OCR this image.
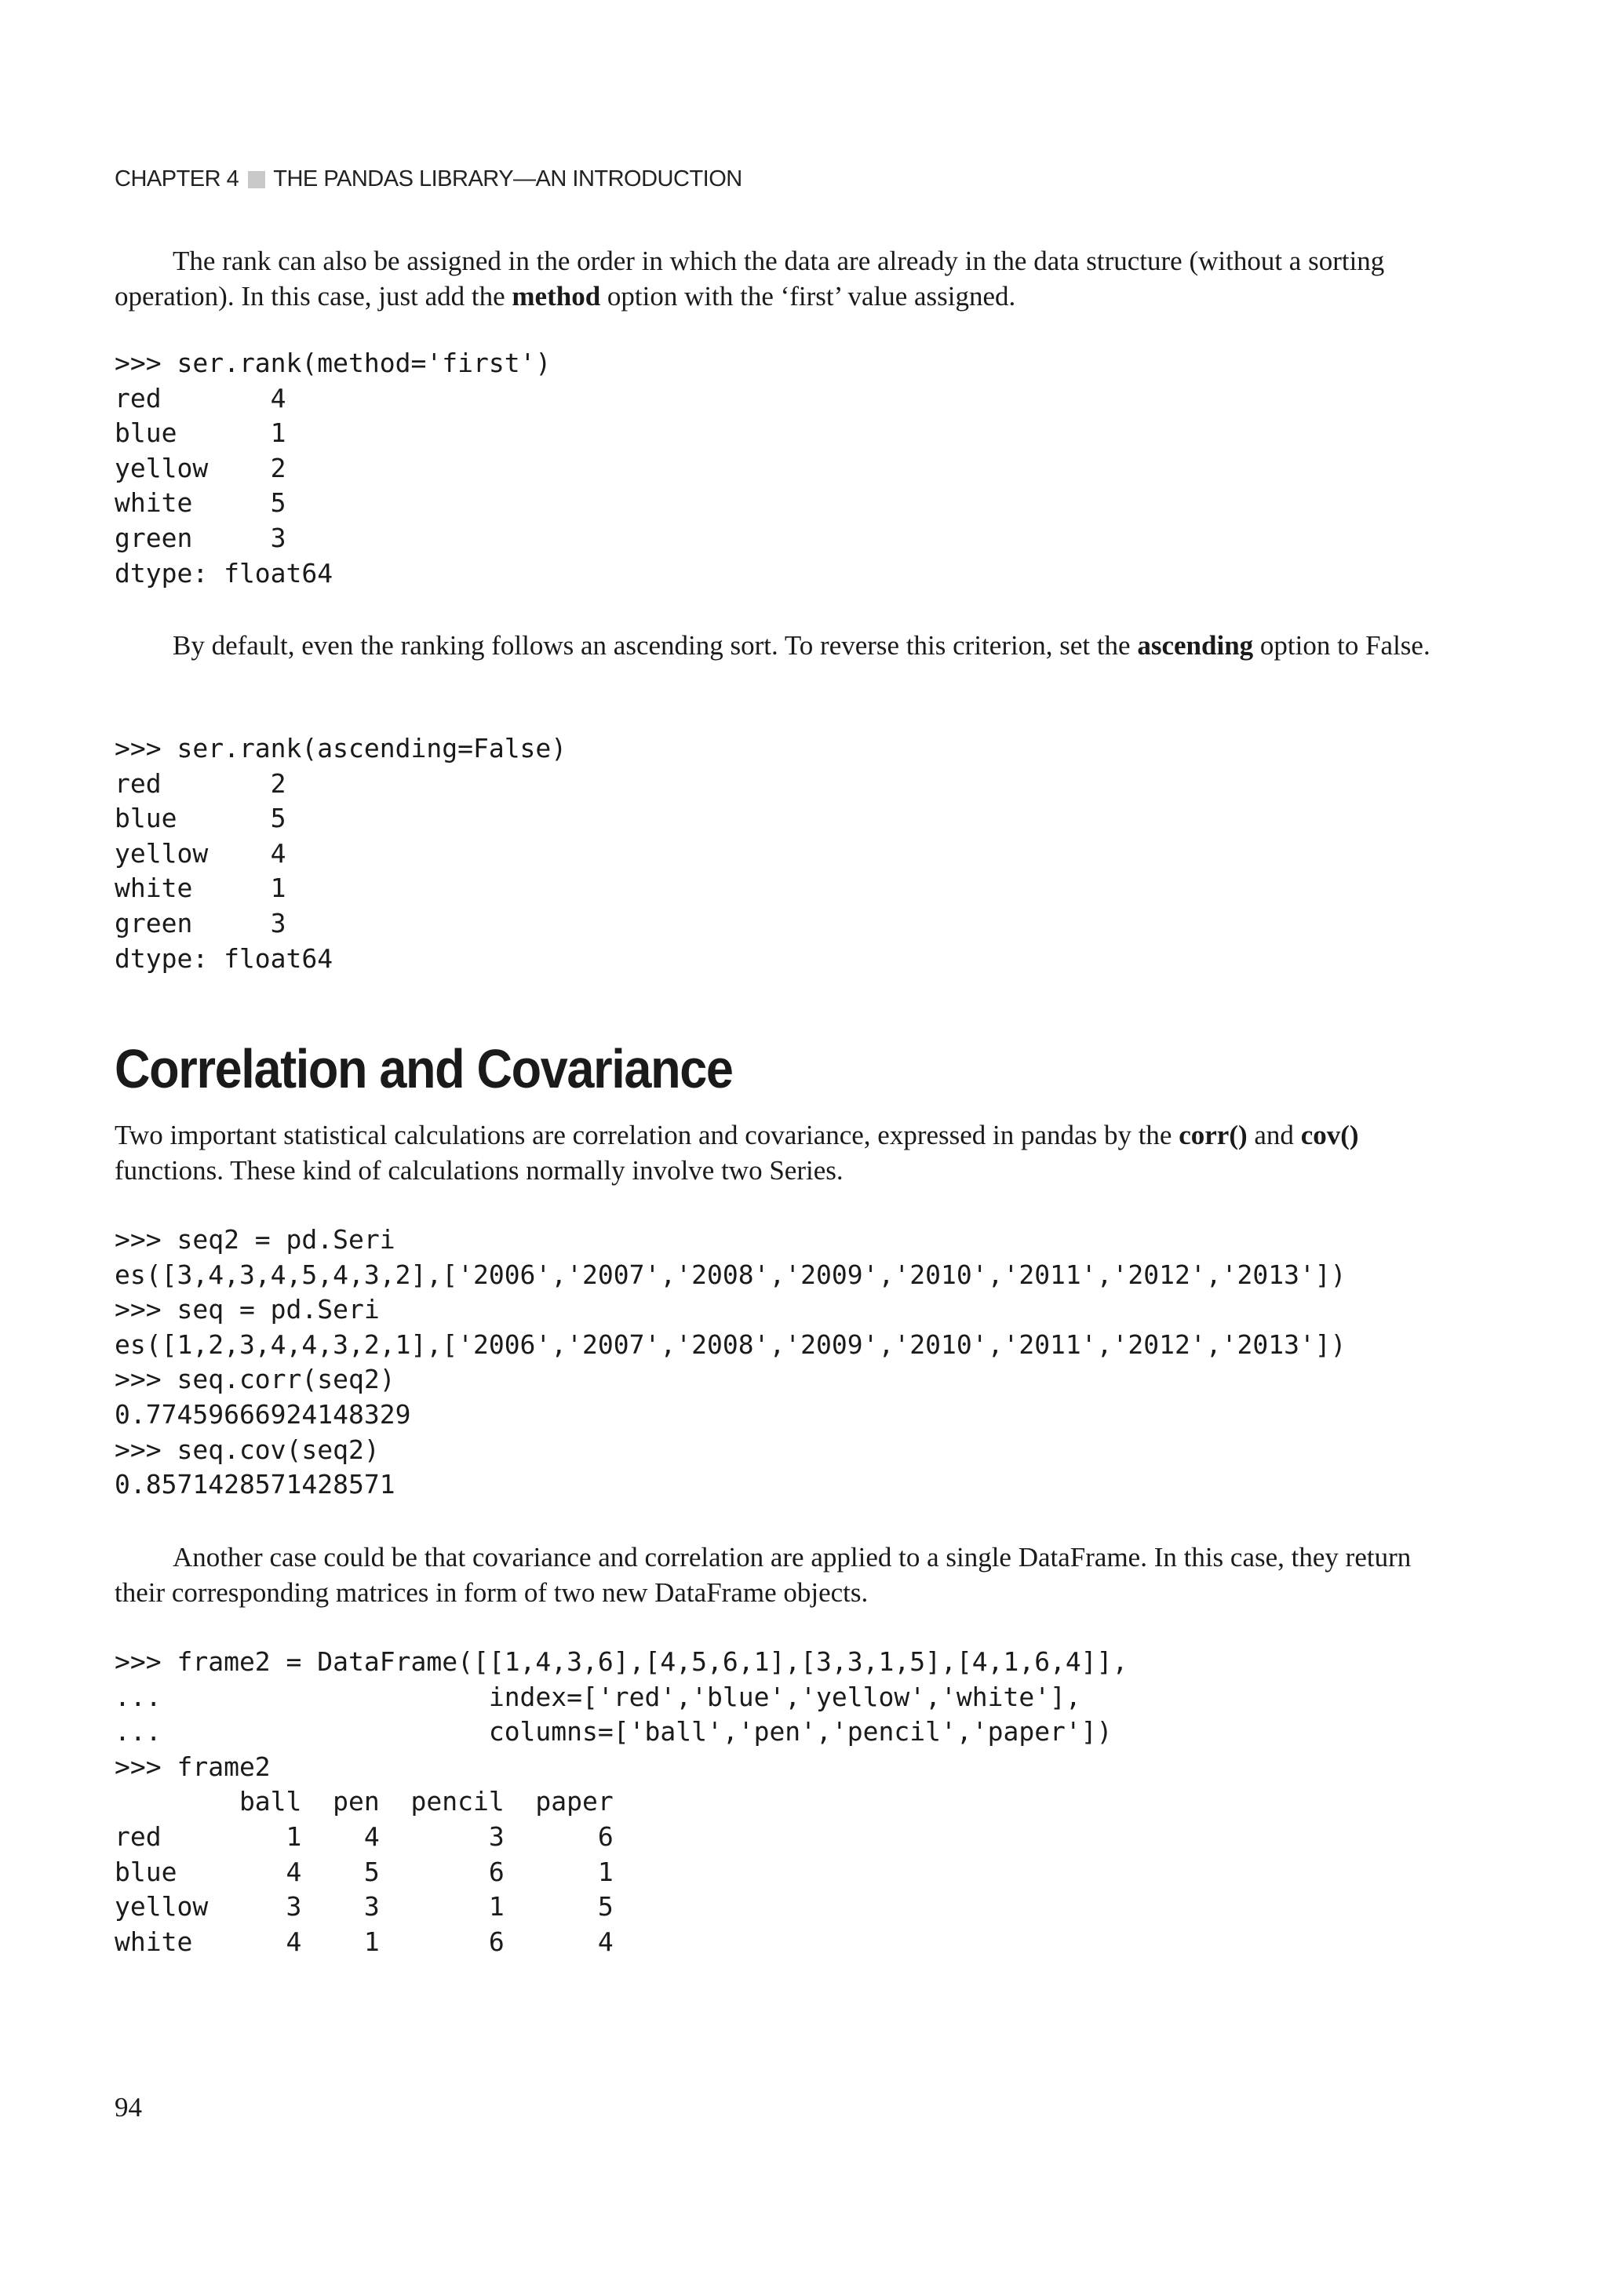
CHAPTER 4 THE PANDAS LIBRARY—AN INTRODUCTION

The rank can also be assigned in the order in which the data are already in the data structure (without a sorting operation). In this case, just add the method option with the ‘first’ value assigned.

>>> ser.rank(method='first')
red       4
blue      1
yellow    2
white     5
green     3
dtype: float64

By default, even the ranking follows an ascending sort. To reverse this criterion, set the ascending option to False.

>>> ser.rank(ascending=False)
red       2
blue      5
yellow    4
white     1
green     3
dtype: float64
Correlation and Covariance

Two important statistical calculations are correlation and covariance, expressed in pandas by the corr() and cov() functions. These kind of calculations normally involve two Series.

>>> seq2 = pd.Seri
es([3,4,3,4,5,4,3,2],['2006','2007','2008','2009','2010','2011','2012','2013'])
>>> seq = pd.Seri
es([1,2,3,4,4,3,2,1],['2006','2007','2008','2009','2010','2011','2012','2013'])
>>> seq.corr(seq2)
0.77459666924148329
>>> seq.cov(seq2)
0.8571428571428571

Another case could be that covariance and correlation are applied to a single DataFrame. In this case, they return their corresponding matrices in form of two new DataFrame objects.

>>> frame2 = DataFrame([[1,4,3,6],[4,5,6,1],[3,3,1,5],[4,1,6,4]],
...                     index=['red','blue','yellow','white'],
...                     columns=['ball','pen','pencil','paper'])
>>> frame2
ball  pen  pencil  paper
red        1    4       3      6
blue       4    5       6      1
yellow     3    3       1      5
white      4    1       6      4
94
